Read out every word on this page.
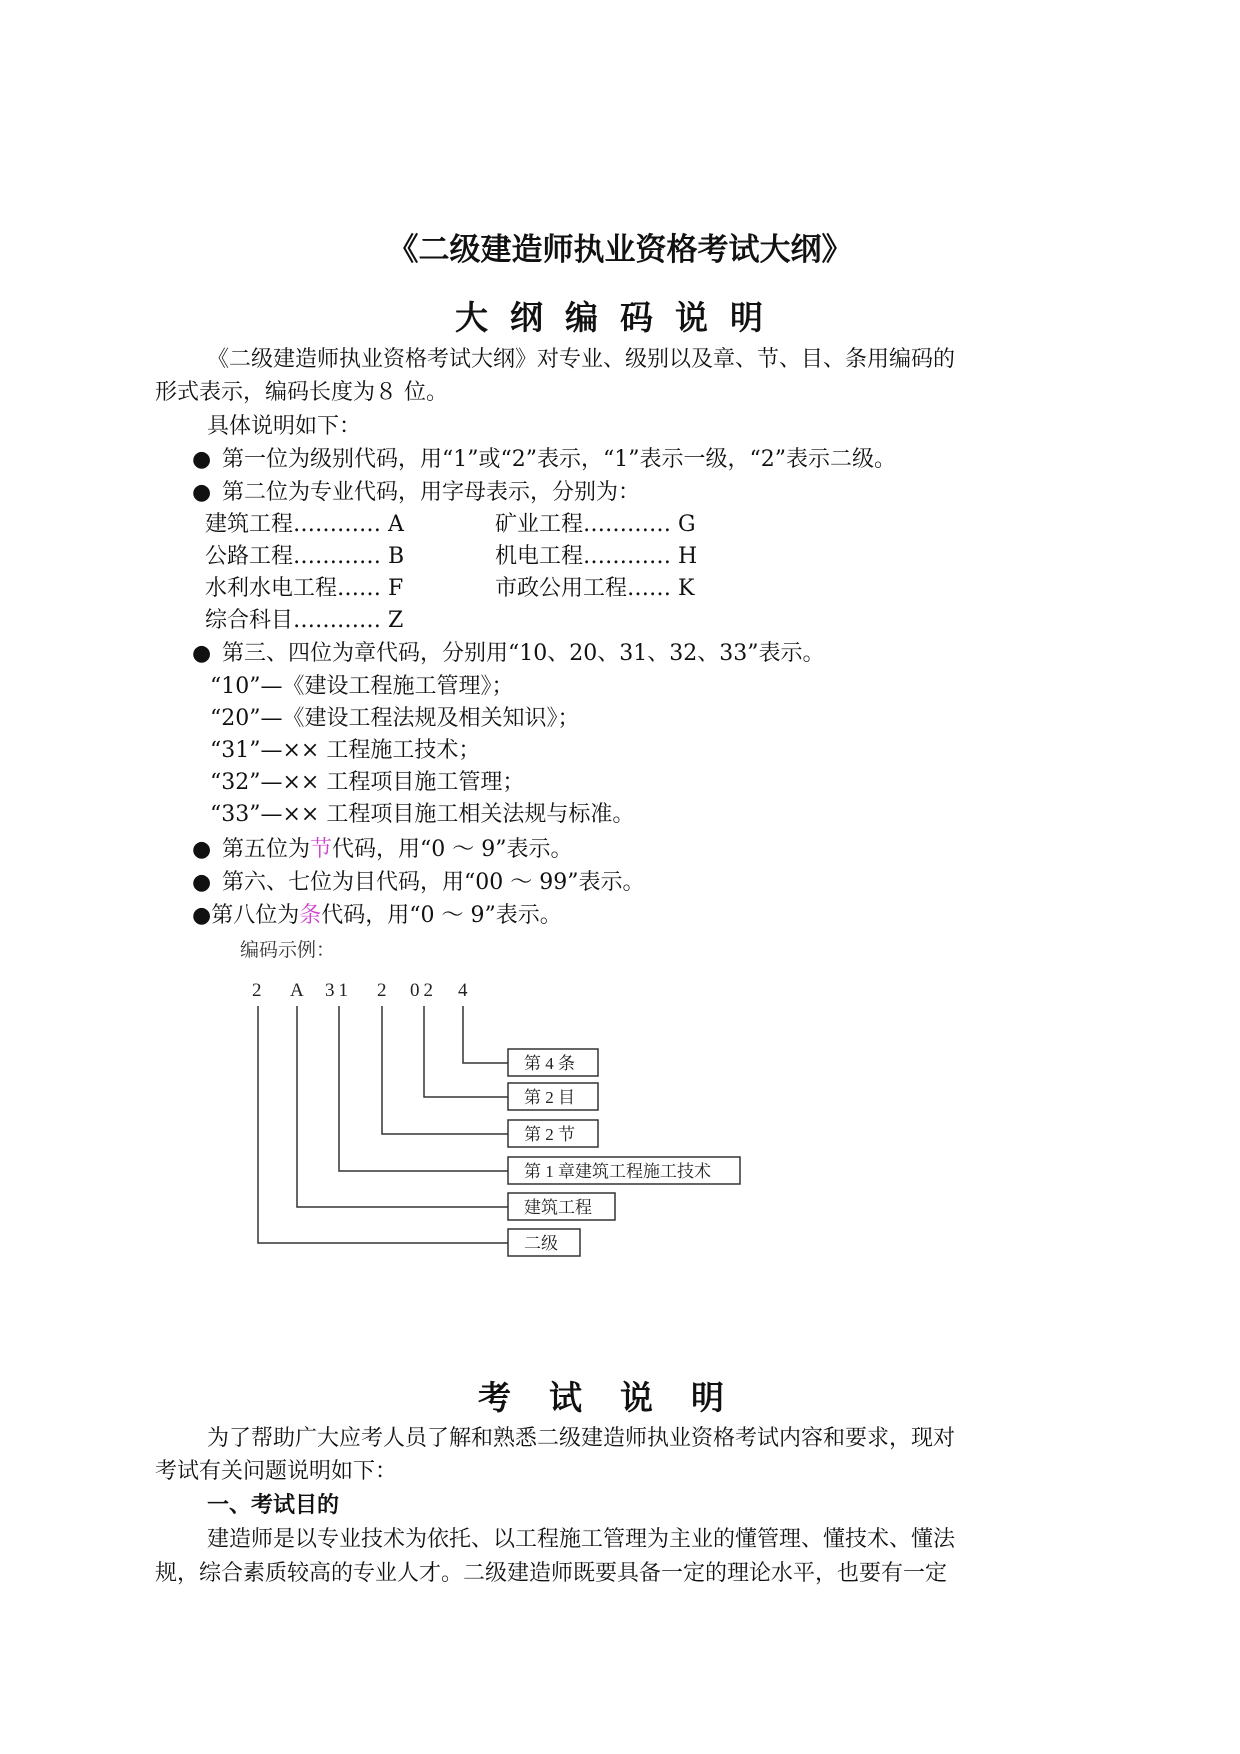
《二级建造师执业资格考试大纲》
大纲编码说明
《二级建造师执业资格考试大纲》对专业、级别以及章、节、目、条用编码的
形式表示，编码长度为８ 位。
具体说明如下：
● 第一位为级别代码，用“1”或“2”表示，“1”表示一级，“2”表示二级。
● 第二位为专业代码，用字母表示，分别为：
建筑工程………… A	矿业工程………… G
公路工程………… B	机电工程………… H
水利水电工程…… F	市政公用工程…… K
综合科目………… Z
● 第三、四位为章代码，分别用“10、20、31、32、33”表示。
“10”—《建设工程施工管理》；
“20”—《建设工程法规及相关知识》；
“31”—×× 工程施工技术；
“32”—×× 工程项目施工管理；
“33”—×× 工程项目施工相关法规与标准。
● 第五位为节代码，用“0 ～ 9”表示。
● 第六、七位为目代码，用“00 ～ 99”表示。
●第八位为条代码，用“0 ～ 9”表示。
编码示例：
2 A 31 2 02 4
第 4 条
第 2 目
第 2 节
第 1 章建筑工程施工技术
建筑工程
二级
考试说明
为了帮助广大应考人员了解和熟悉二级建造师执业资格考试内容和要求，现对
考试有关问题说明如下：
一、考试目的
建造师是以专业技术为依托、以工程施工管理为主业的懂管理、懂技术、懂法
规，综合素质较高的专业人才。二级建造师既要具备一定的理论水平，也要有一定
